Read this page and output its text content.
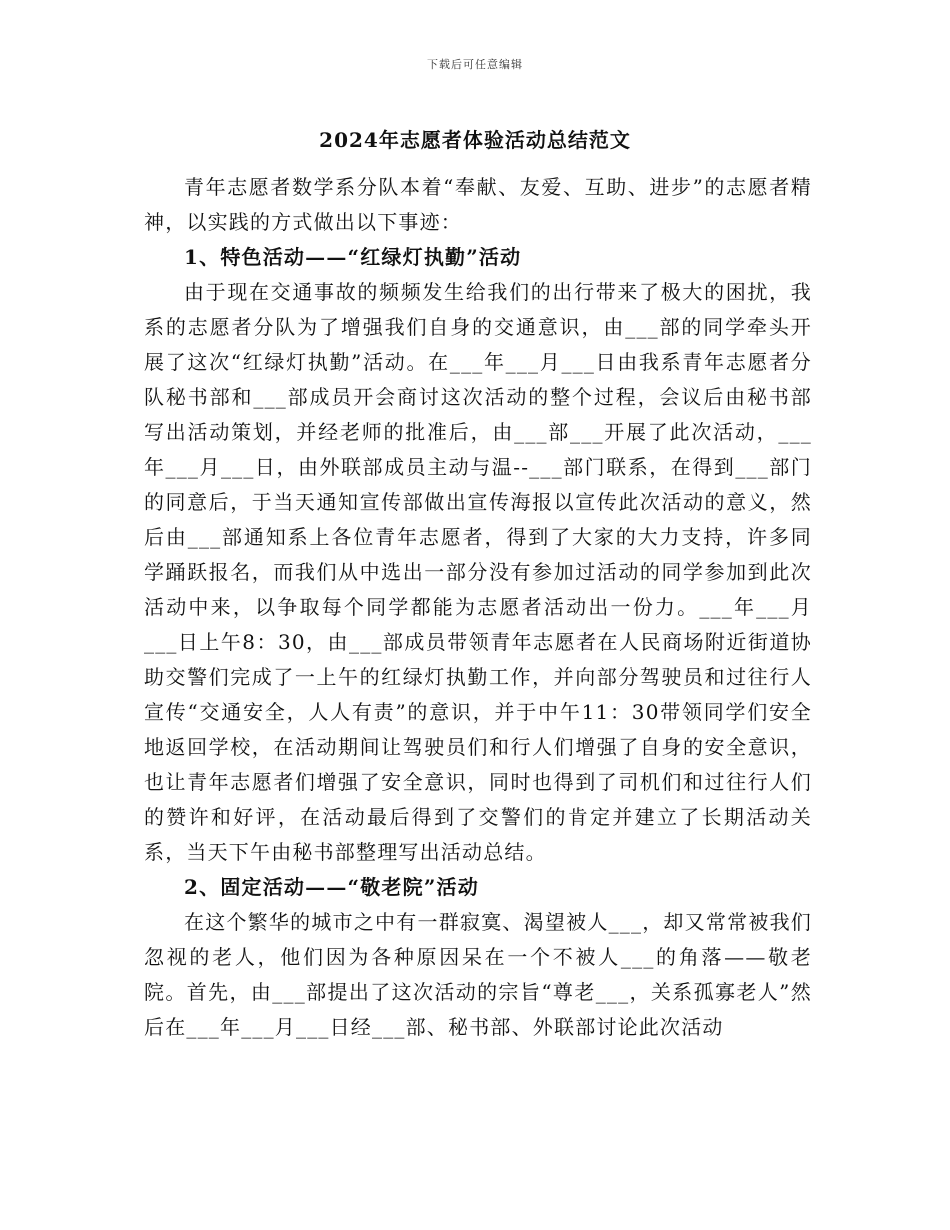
下载后可任意编辑
2024年志愿者体验活动总结范文

青年志愿者数学系分队本着“奉献、友爱、互助、进步”的志愿者精神，以实践的方式做出以下事迹：

1、特色活动——“红绿灯执勤”活动

由于现在交通事故的频频发生给我们的出行带来了极大的困扰，我系的志愿者分队为了增强我们自身的交通意识，由___部的同学牵头开展了这次“红绿灯执勤”活动。在___年___月___日由我系青年志愿者分队秘书部和___部成员开会商讨这次活动的整个过程，会议后由秘书部写出活动策划，并经老师的批准后，由___部___开展了此次活动，___年___月___日，由外联部成员主动与温--___部门联系，在得到___部门的同意后，于当天通知宣传部做出宣传海报以宣传此次活动的意义，然后由___部通知系上各位青年志愿者，得到了大家的大力支持，许多同学踊跃报名，而我们从中选出一部分没有参加过活动的同学参加到此次活动中来，以争取每个同学都能为志愿者活动出一份力。___年___月___日上午8：30，由___部成员带领青年志愿者在人民商场附近街道协助交警们完成了一上午的红绿灯执勤工作，并向部分驾驶员和过往行人宣传“交通安全，人人有责”的意识，并于中午11：30带领同学们安全地返回学校，在活动期间让驾驶员们和行人们增强了自身的安全意识，也让青年志愿者们增强了安全意识，同时也得到了司机们和过往行人们的赞许和好评，在活动最后得到了交警们的肯定并建立了长期活动关系，当天下午由秘书部整理写出活动总结。

2、固定活动——“敬老院”活动

在这个繁华的城市之中有一群寂寞、渴望被人___，却又常常被我们忽视的老人，他们因为各种原因呆在一个不被人___的角落——敬老院。首先，由___部提出了这次活动的宗旨“尊老___，关系孤寡老人”然后在___年___月___日经___部、秘书部、外联部讨论此次活动
